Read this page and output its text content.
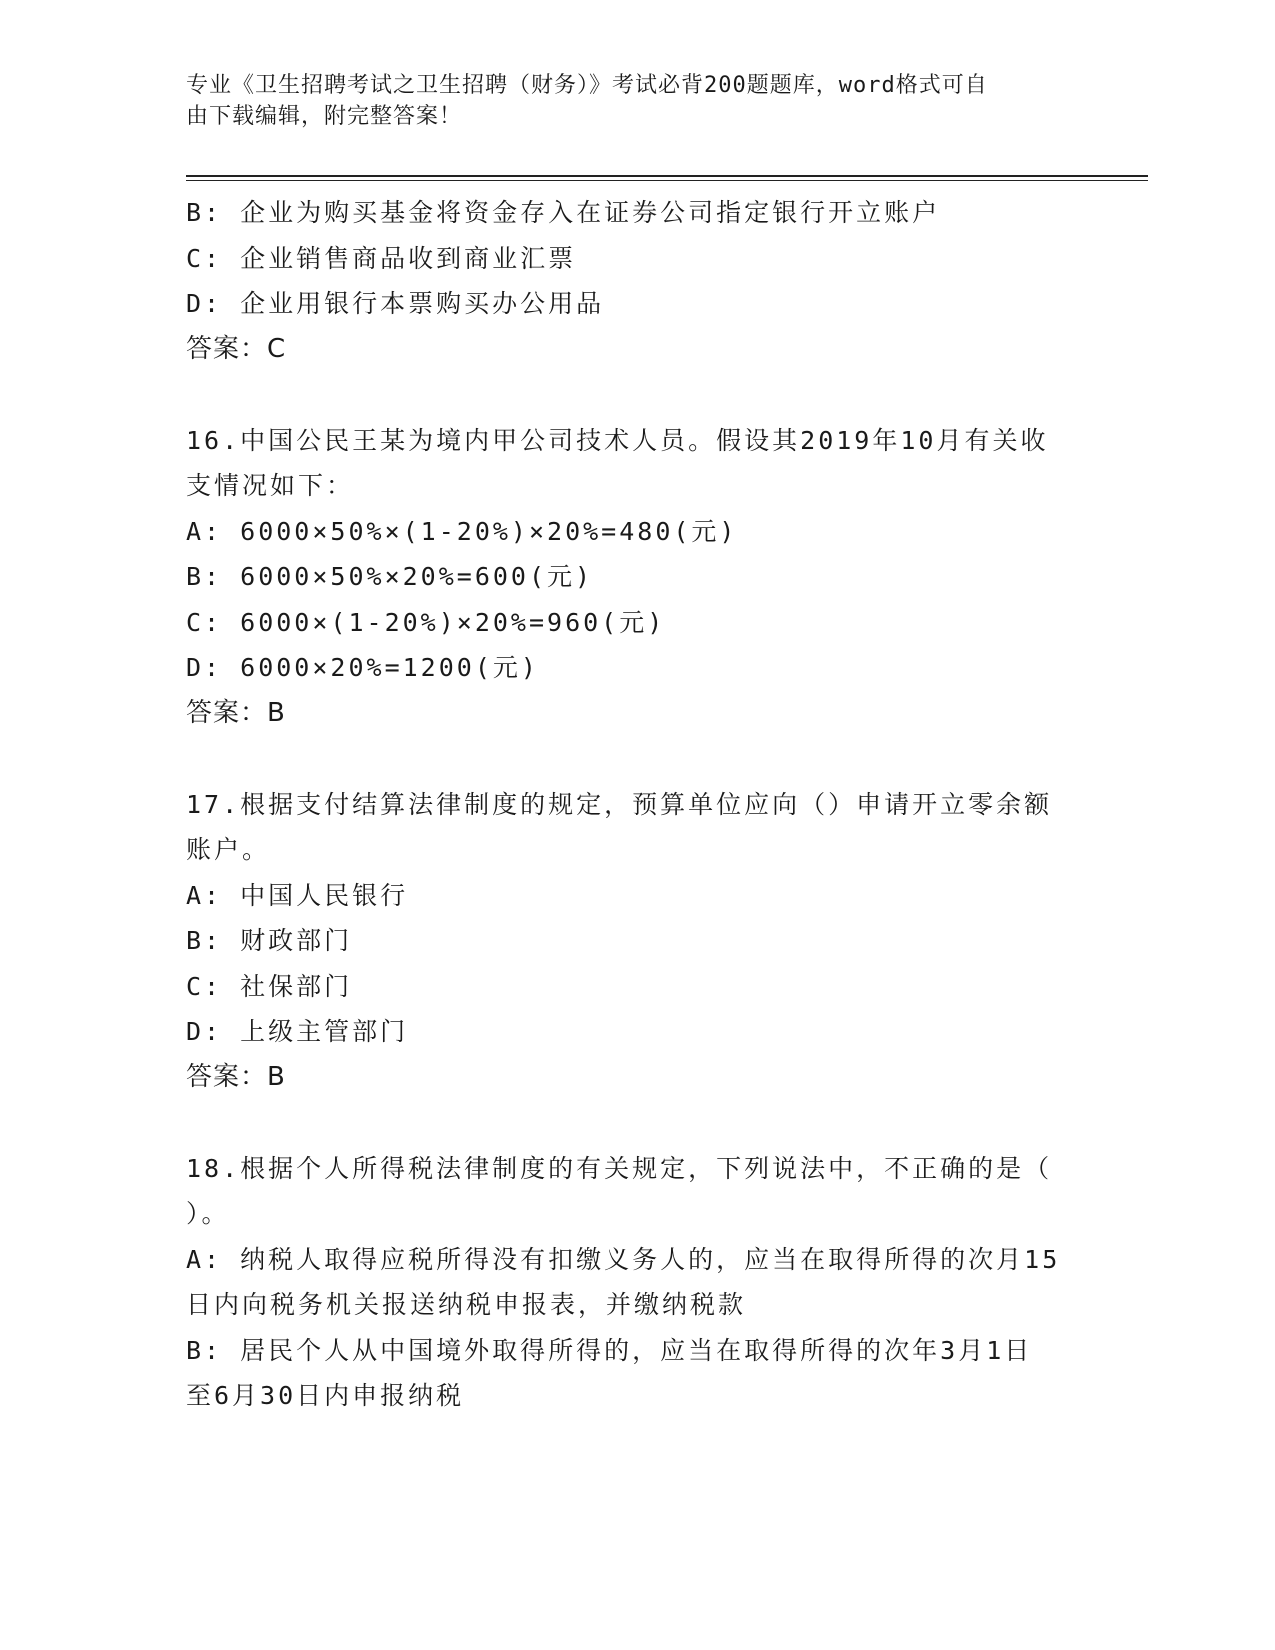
专业《卫生招聘考试之卫生招聘（财务）》考试必背200题题库，word格式可自
由下载编辑，附完整答案！
B: 企业为购买基金将资金存入在证券公司指定银行开立账户
C: 企业销售商品收到商业汇票
D: 企业用银行本票购买办公用品
答案：C
16.中国公民王某为境内甲公司技术人员。假设其2019年10月有关收
支情况如下：
A: 6000×50%×(1-20%)×20%=480(元)
B: 6000×50%×20%=600(元)
C: 6000×(1-20%)×20%=960(元)
D: 6000×20%=1200(元)
答案：B
17.根据支付结算法律制度的规定，预算单位应向（）申请开立零余额
账户。
A: 中国人民银行
B: 财政部门
C: 社保部门
D: 上级主管部门
答案：B
18.根据个人所得税法律制度的有关规定，下列说法中，不正确的是（
）。
A: 纳税人取得应税所得没有扣缴义务人的，应当在取得所得的次月15
日内向税务机关报送纳税申报表，并缴纳税款
B: 居民个人从中国境外取得所得的，应当在取得所得的次年3月1日
至6月30日内申报纳税
